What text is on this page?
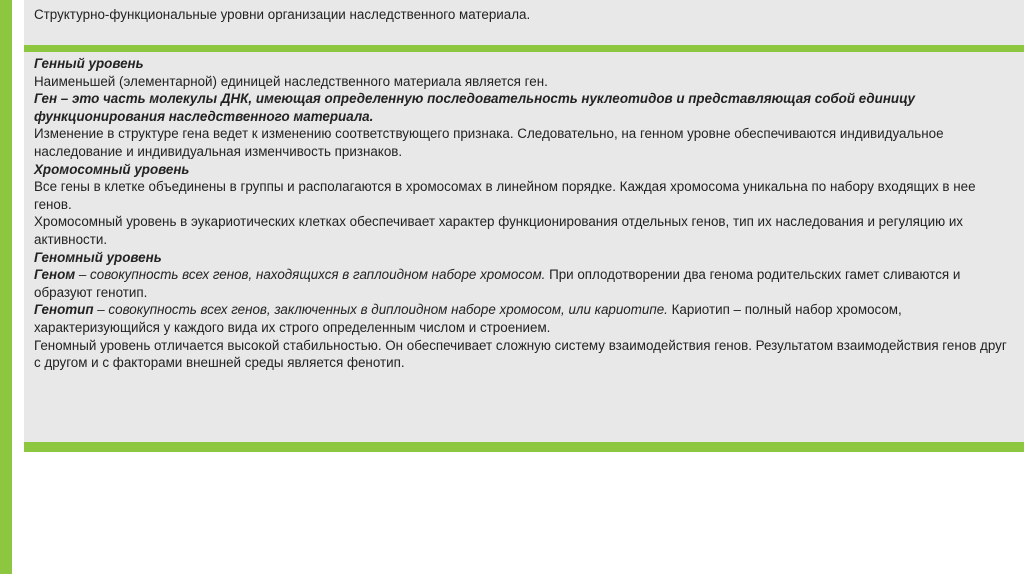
Структурно-функциональные уровни организации наследственного материала.

Генный уровень

Наименьшей (элементарной) единицей наследственного материала является ген.

Ген – это часть молекулы ДНК, имеющая определенную последовательность нуклеотидов и представляющая собой единицу функционирования наследственного материала.

Изменение в структуре гена ведет к изменению соответствующего признака. Следовательно, на генном уровне обеспечиваются индивидуальное наследование и индивидуальная изменчивость признаков.

Хромосомный уровень

Все гены в клетке объединены в группы и располагаются в хромосомах в линейном порядке. Каждая хромосома уникальна по набору входящих в нее генов.

Хромосомный уровень в эукариотических клетках обеспечивает характер функционирования отдельных генов, тип их наследования и регуляцию их активности.

Геномный уровень

Геном – совокупность всех генов, находящихся в гаплоидном наборе хромосом. При оплодотворении два генома родительских гамет сливаются и образуют генотип.

Генотип – совокупность всех генов, заключенных в диплоидном наборе хромосом, или кариотипе. Кариотип – полный набор хромосом, характеризующийся у каждого вида их строго определенным числом и строением.

Геномный уровень отличается высокой стабильностью. Он обеспечивает сложную систему взаимодействия генов. Результатом взаимодействия генов друг с другом и с факторами внешней среды является фенотип.
